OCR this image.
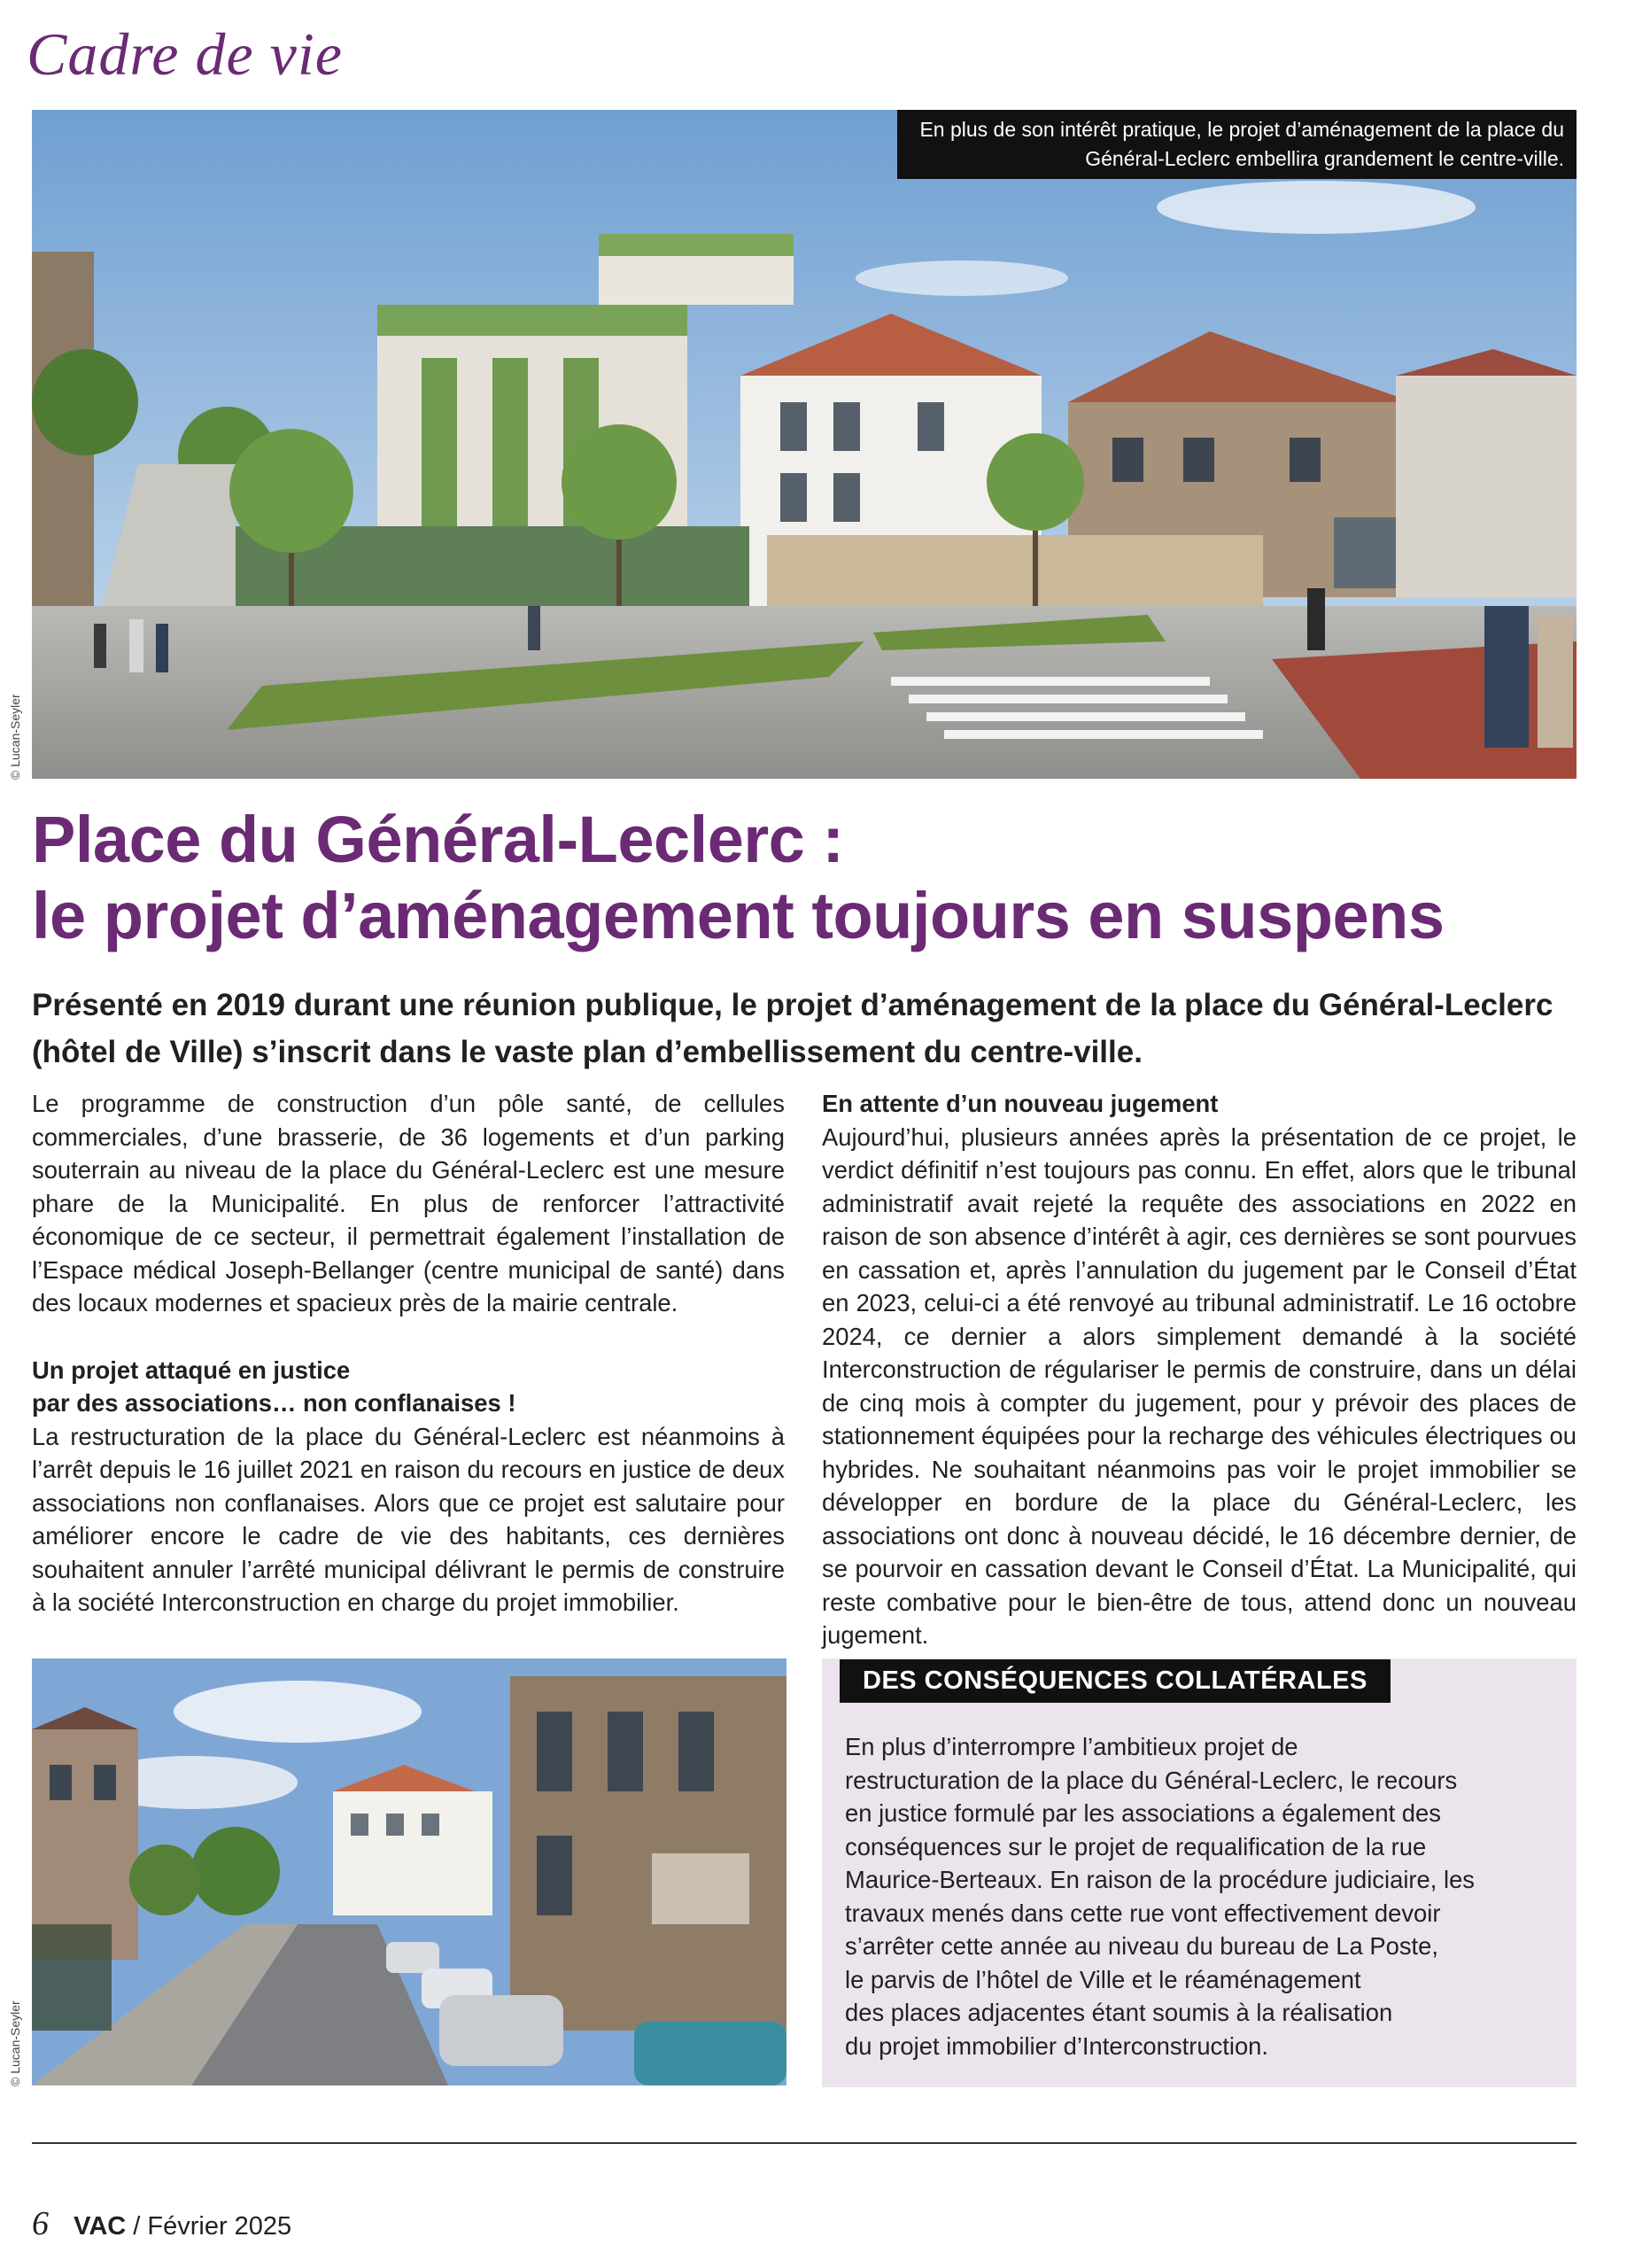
Cadre de vie
En plus de son intérêt pratique, le projet d’aménagement de la place du Général-Leclerc embellira grandement le centre-ville.
© Lucan-Seyler
Place du Général-Leclerc :
le projet d’aménagement toujours en suspens
Présenté en 2019 durant une réunion publique, le projet d’aménagement de la place du Général-Leclerc (hôtel de Ville) s’inscrit dans le vaste plan d’embellissement du centre-ville.

Le programme de construction d’un pôle santé, de cellules commerciales, d’une brasserie, de 36 logements et d’un parking souterrain au niveau de la place du Général-Leclerc est une mesure phare de la Municipalité. En plus de renforcer l’attractivité économique de ce secteur, il permettrait également l’installation de l’Espace médical Joseph-Bellanger (centre municipal de santé) dans des locaux modernes et spacieux près de la mairie centrale.

Un projet attaqué en justice
par des associations… non conflanaises !

La restructuration de la place du Général-Leclerc est néanmoins à l’arrêt depuis le 16 juillet 2021 en raison du recours en justice de deux associations non conflanaises. Alors que ce projet est salutaire pour améliorer encore le cadre de vie des habitants, ces dernières souhaitent annuler l’arrêté municipal délivrant le permis de construire à la société Interconstruction en charge du projet immobilier.

En attente d’un nouveau jugement

Aujourd’hui, plusieurs années après la présentation de ce projet, le verdict définitif n’est toujours pas connu. En effet, alors que le tribunal administratif avait rejeté la requête des associations en 2022 en raison de son absence d’intérêt à agir, ces dernières se sont pourvues en cassation et, après l’annulation du jugement par le Conseil d’État en 2023, celui-ci a été renvoyé au tribunal administratif. Le 16 octobre 2024, ce dernier a alors simplement demandé à la société Interconstruction de régulariser le permis de construire, dans un délai de cinq mois à compter du jugement, pour y prévoir des places de stationnement équipées pour la recharge des véhicules électriques ou hybrides. Ne souhaitant néanmoins pas voir le projet immobilier se développer en bordure de la place du Général-Leclerc, les associations ont donc à nouveau décidé, le 16 décembre dernier, de se pourvoir en cassation devant le Conseil d’État. La Municipalité, qui reste combative pour le bien-être de tous, attend donc un nouveau jugement.

© Lucan-Seyler
DES CONSÉQUENCES COLLATÉRALES
En plus d’interrompre l’ambitieux projet de
restructuration de la place du Général-Leclerc, le recours
en justice formulé par les associations a également des
conséquences sur le projet de requalification de la rue
Maurice-Berteaux. En raison de la procédure judiciaire, les
travaux menés dans cette rue vont effectivement devoir
s’arrêter cette année au niveau du bureau de La Poste,
le parvis de l’hôtel de Ville et le réaménagement
des places adjacentes étant soumis à la réalisation
du projet immobilier d’Interconstruction.
6 VAC / Février 2025
